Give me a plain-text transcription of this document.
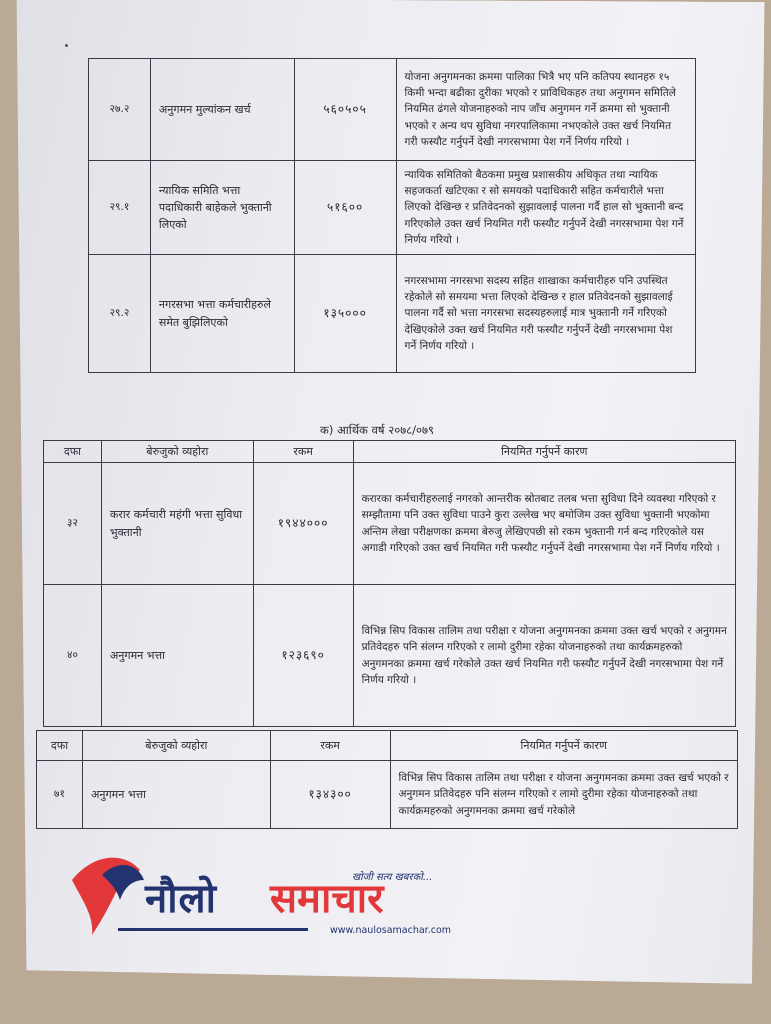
२७.२	अनुगमन मुल्यांकन खर्च	५६०५०५	योजना अनुगमनका क्रममा पालिका भित्रै भए पनि कतिपय स्थानहरु १५ किमी भन्दा बढीका दुरीका भएको र प्राविधिकहरु तथा अनुगमन समितिले नियमित ढंगले योजनाहरुको नाप जाँच अनुगमन गर्ने क्रममा सो भुक्तानी भएको र अन्य थप सुविधा नगरपालिकामा नभएकोले उक्त खर्च नियमित गरी फस्यौट गर्नुपर्ने देखी नगरसभामा पेश गर्ने निर्णय गरियो ।
२९.१	न्यायिक समिति भत्ता पदाधिकारी बाहेकले भुक्तानी लिएको	५१६००	न्यायिक समितिको बैठकमा प्रमुख प्रशासकीय अधिकृत तथा न्यायिक सहजकर्ता खटिएका र सो समयको पदाधिकारी सहित कर्मचारीले भत्ता लिएको देखिन्छ र प्रतिवेदनको सुझावलाई पालना गर्दै हाल सो भुक्तानी बन्द गरिएकोले उक्त खर्च नियमित गरी फस्यौट गर्नुपर्ने देखी नगरसभामा पेश गर्ने निर्णय गरियो ।
२९.२	नगरसभा भत्ता कर्मचारीहरुले समेत बुझिलिएको	१३५०००	नगरसभामा नगरसभा सदस्य सहित शाखाका कर्मचारीहरु पनि उपस्थित रहेकोले सो समयमा भत्ता लिएको देखिन्छ र हाल प्रतिवेदनको सुझावलाई पालना गर्दै सो भत्ता नगरसभा सदस्यहरुलाई मात्र भुक्तानी गर्ने गरिएको देखिएकोले उक्त खर्च नियमित गरी फस्यौट गर्नुपर्ने देखी नगरसभामा पेश गर्ने निर्णय गरियो ।
क) आर्थिक वर्ष २०७८/०७९
दफा	बेरुजुको व्यहोरा	रकम	नियमित गर्नुपर्ने कारण
३२	करार कर्मचारी महंगी भत्ता सुविधा भुक्तानी	१९४४०००	करारका कर्मचारीहरुलाई नगरको आन्तरीक स्रोतबाट तलब भत्ता सुविधा दिने व्यवस्था गरिएको र सम्झौतामा पनि उक्त सुविधा पाउने कुरा उल्लेख भए बमोजिम उक्त सुविधा भुक्तानी भएकोमा अन्तिम लेखा परीक्षणका क्रममा बेरुजु लेखिएपछी सो रकम भुक्तानी गर्न बन्द गरिएकोले यस अगाडी गरिएको उक्त खर्च नियमित गरी फस्यौट गर्नुपर्ने देखी नगरसभामा पेश गर्ने निर्णय गरियो ।
४०	अनुगमन भत्ता	१२३६९०	विभिन्न सिप विकास तालिम तथा परीक्षा र योजना अनुगमनका क्रममा उक्त खर्च भएको र अनुगमन प्रतिवेदहरु पनि संलग्न गरिएको र लामो दुरीमा रहेका योजनाहरुको तथा कार्यक्रमहरुको अनुगमनका क्रममा खर्च गरेकोले उक्त खर्च नियमित गरी फस्यौट गर्नुपर्ने देखी नगरसभामा पेश गर्ने निर्णय गरियो ।
दफा	बेरुजुको व्यहोरा	रकम	नियमित गर्नुपर्ने कारण
७१	अनुगमन भत्ता	१३४३००	विभिन्न सिप विकास तालिम तथा परीक्षा र योजना अनुगमनका क्रममा उक्त खर्च भएको र अनुगमन प्रतिवेदहरु पनि संलग्न गरिएको र लामो दुरीमा रहेका योजनाहरुको तथा कार्यक्रमहरुको अनुगमनका क्रममा खर्च गरेकोले
नौलो समाचार
खोजी सत्य खबरको...
www.naulosamachar.com
